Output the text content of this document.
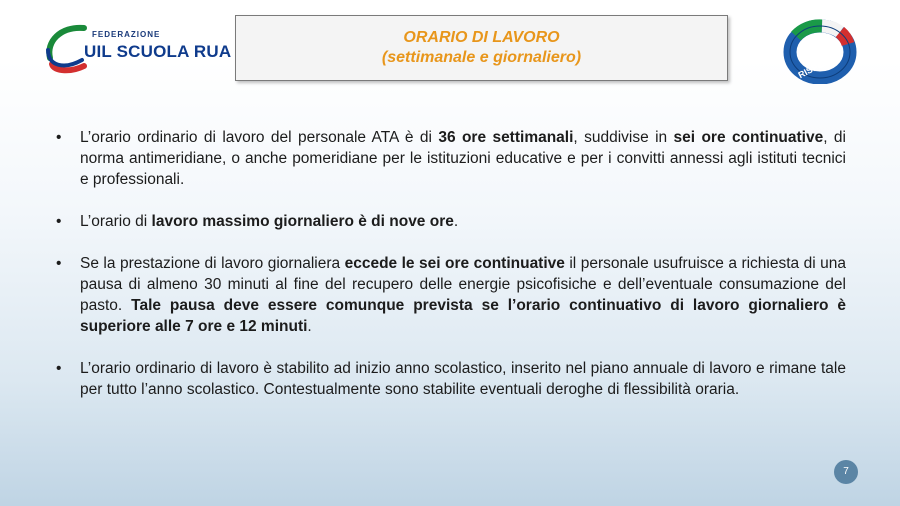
FEDERAZIONE
UIL SCUOLA RUA
ORARIO DI LAVORO
(settimanale e giornaliero)	RISPETTO
• L’orario ordinario di lavoro del personale ATA è di 36 ore settimanali, suddivise in sei ore continuative, di norma antimeridiane, o anche pomeridiane per le istituzioni educative e per i convitti annessi agli istituti tecnici e professionali.
• L’orario di lavoro massimo giornaliero è di nove ore.
• Se la prestazione di lavoro giornaliera eccede le sei ore continuative il personale usufruisce a richiesta di una pausa di almeno 30 minuti al fine del recupero delle energie psicofisiche e dell’eventuale consumazione del pasto. Tale pausa deve essere comunque prevista se l’orario continuativo di lavoro giornaliero è superiore alle 7 ore e 12 minuti.
• L’orario ordinario di lavoro è stabilito ad inizio anno scolastico, inserito nel piano annuale di lavoro e rimane tale per tutto l’anno scolastico. Contestualmente sono stabilite eventuali deroghe di flessibilità oraria.
7
